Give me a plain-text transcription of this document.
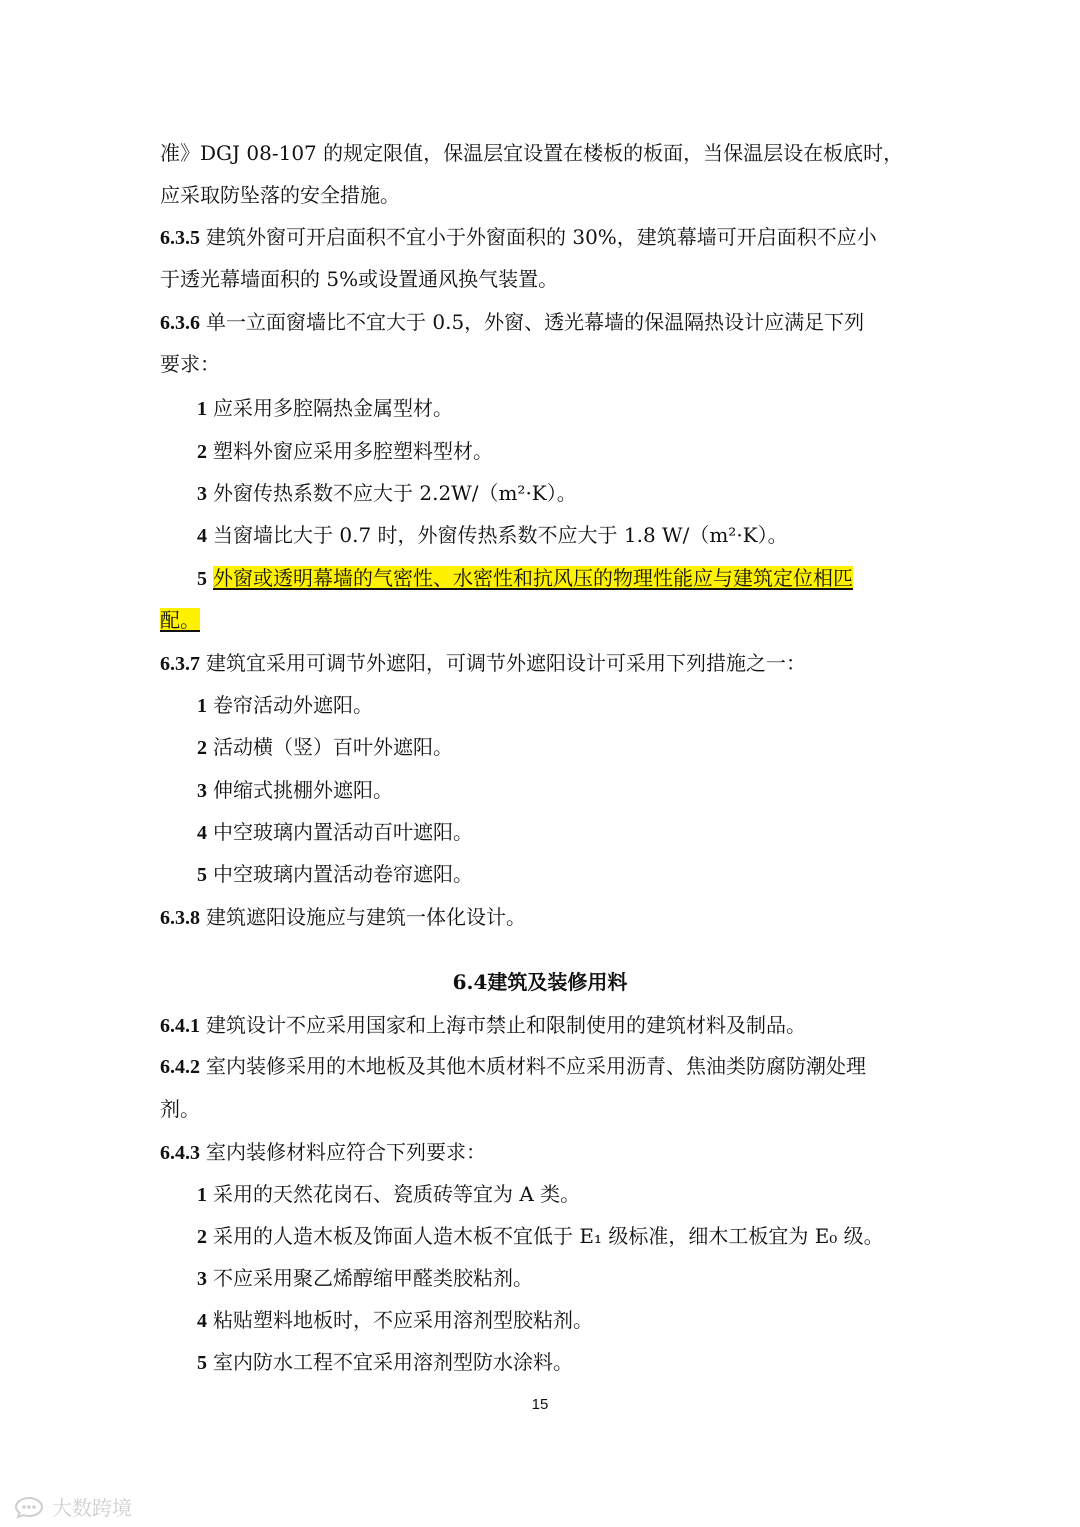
准》DGJ 08-107 的规定限值，保温层宜设置在楼板的板面，当保温层设在板底时，
应采取防坠落的安全措施。
6.3.5 建筑外窗可开启面积不宜小于外窗面积的 30%，建筑幕墙可开启面积不应小
于透光幕墙面积的 5%或设置通风换气装置。
6.3.6 单一立面窗墙比不宜大于 0.5，外窗、透光幕墙的保温隔热设计应满足下列
要求：
1 应采用多腔隔热金属型材。
2 塑料外窗应采用多腔塑料型材。
3 外窗传热系数不应大于 2.2W/（m²·K）。
4 当窗墙比大于 0.7 时，外窗传热系数不应大于 1.8 W/（m²·K）。
5 外窗或透明幕墙的气密性、水密性和抗风压的物理性能应与建筑定位相匹
配。
6.3.7 建筑宜采用可调节外遮阳，可调节外遮阳设计可采用下列措施之一：
1 卷帘活动外遮阳。
2 活动横（竖）百叶外遮阳。
3 伸缩式挑棚外遮阳。
4 中空玻璃内置活动百叶遮阳。
5 中空玻璃内置活动卷帘遮阳。
6.3.8 建筑遮阳设施应与建筑一体化设计。
6.4建筑及装修用料
6.4.1 建筑设计不应采用国家和上海市禁止和限制使用的建筑材料及制品。
6.4.2 室内装修采用的木地板及其他木质材料不应采用沥青、焦油类防腐防潮处理
剂。
6.4.3 室内装修材料应符合下列要求：
1 采用的天然花岗石、瓷质砖等宜为 A 类。
2 采用的人造木板及饰面人造木板不宜低于 E₁ 级标准，细木工板宜为 E₀ 级。
3 不应采用聚乙烯醇缩甲醛类胶粘剂。
4 粘贴塑料地板时，不应采用溶剂型胶粘剂。
5 室内防水工程不宜采用溶剂型防水涂料。
15
大数跨境
